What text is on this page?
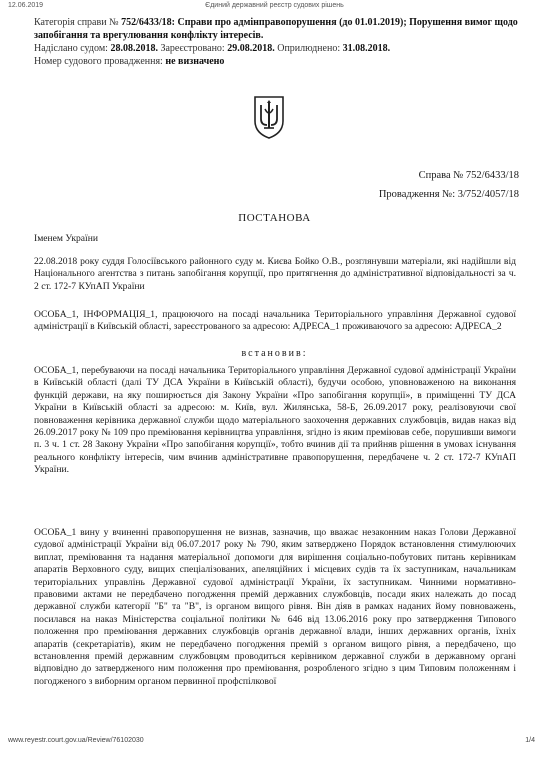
12.06.2019	Єдиний державний реєстр судових рішень
Категорія справи № 752/6433/18: Справи про адмінправопорушення (до 01.01.2019); Порушення вимог щодо запобігання та врегулювання конфлікту інтересів.
Надіслано судом: 28.08.2018. Зареєстровано: 29.08.2018. Оприлюднено: 31.08.2018.
Номер судового провадження: не визначено
Справа № 752/6433/18
Провадження №: 3/752/4057/18
ПОСТАНОВА

Іменем України

22.08.2018 року суддя Голосіївського районного суду м. Києва Бойко О.В., розглянувши матеріали, які надійшли від Національного агентства з питань запобігання корупції, про притягнення до адміністративної відповідальності за ч. 2 ст. 172-7 КУпАП України

ОСОБА_1, ІНФОРМАЦІЯ_1, працюючого на посаді начальника Територіального управління Державної судової адміністрації в Київській області, зареєстрованого за адресою: АДРЕСА_1 проживаючого за адресою: АДРЕСА_2

встановив:

ОСОБА_1, перебуваючи на посаді начальника Територіального управління Державної судової адміністрації України в Київській області (далі ТУ ДСА України в Київській області), будучи особою, уповноваженою на виконання функцій держави, на яку поширюється дія Закону України «Про запобігання корупції», в приміщенні ТУ ДСА України в Київській області за адресою: м. Київ, вул. Жилянська, 58-Б, 26.09.2017 року, реалізовуючи свої повноваження керівника державної служби щодо матеріального заохочення державних службовців, видав наказ від 26.09.2017 року № 109 про преміювання керівництва управління, згідно із яким преміював себе, порушивши вимоги п. 3 ч. 1 ст. 28 Закону України «Про запобігання корупції», тобто вчинив дії та прийняв рішення в умовах існування реального конфлікту інтересів, чим вчинив адміністративне правопорушення, передбачене ч. 2 ст. 172-7 КУпАП України.

ОСОБА_1 вину у вчиненні правопорушення не визнав, зазначив, що вважає незаконним наказ Голови Державної судової адміністрації України від 06.07.2017 року № 790, яким затверджено Порядок встановлення стимулюючих виплат, преміювання та надання матеріальної допомоги для вирішення соціально-побутових питань керівникам апаратів Верховного суду, вищих спеціалізованих, апеляційних і місцевих судів та їх заступникам, начальникам територіальних управлінь Державної судової адміністрації України, їх заступникам. Чинними нормативно-правовими актами не передбачено погодження премій державних службовців, посади яких належать до посад державної служби категорії "Б" та "В", із органом вищого рівня. Він діяв в рамках наданих йому повноважень, посилався на наказ Міністерства соціальної політики № 646 від 13.06.2016 року про затвердження Типового положення про преміювання державних службовців органів державної влади, інших державних органів, їхніх апаратів (секретаріатів), яким не передбачено погодження премій з органом вищого рівня, а передбачено, що встановлення премій державним службовцям проводиться керівником державної служби в державному органі відповідно до затвердженого ним положення про преміювання, розробленого згідно з цим Типовим положенням і погодженого з виборним органом первинної профспілкової

www.reyestr.court.gov.ua/Review/76102030	1/4
